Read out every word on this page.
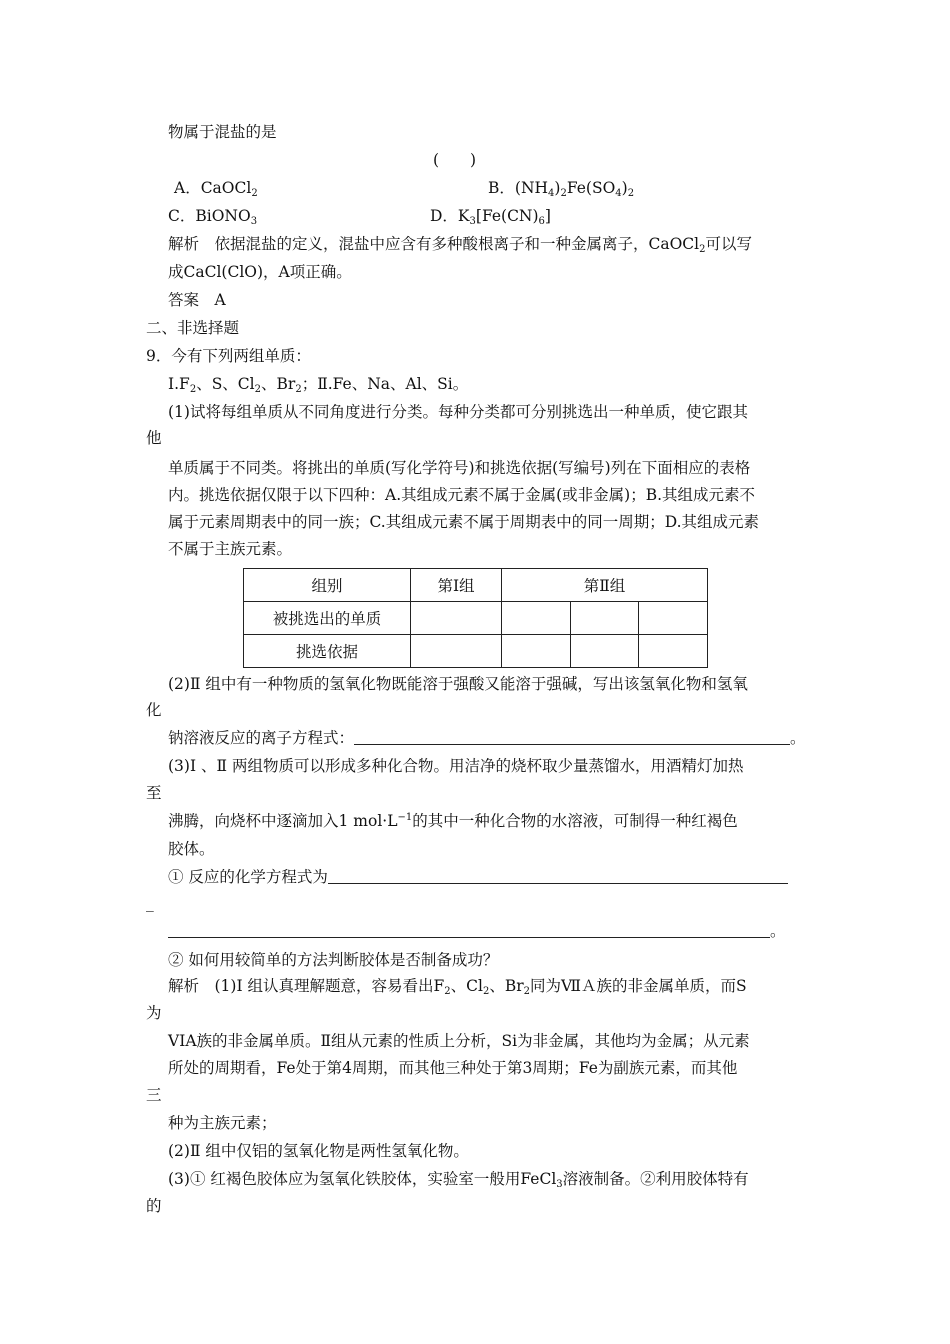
物属于混盐的是
(　　)
A．CaOCl$_2$	B．$(NH_4)_2Fe(SO_4)_2$
C．BiONO$_3$	D．$K_3[Fe(CN)_6]$
解析　依据混盐的定义，混盐中应含有多种酸根离子和一种金属离子，CaOCl$_2$可以写
成CaCl(ClO)，A项正确。
答案　A
二、非选择题
9．今有下列两组单质：
$Ⅰ.F_2$、S、$Cl_2$、$Br_2$；Ⅱ.Fe、Na、Al、Si。
(1)试将每组单质从不同角度进行分类。每种分类都可分别挑选出一种单质，使它跟其
他
单质属于不同类。将挑出的单质(写化学符号)和挑选依据(写编号)列在下面相应的表格
内。挑选依据仅限于以下四种：A.其组成元素不属于金属(或非金属)；B.其组成元素不
属于元素周期表中的同一族；C.其组成元素不属于周期表中的同一周期；D.其组成元素
不属于主族元素。
组别	第Ⅰ组	第Ⅱ组		
被挑选出的单质				
挑选依据				
(2)Ⅱ 组中有一种物质的氢氧化物既能溶于强酸又能溶于强碱，写出该氢氧化物和氢氧
化
钠溶液反应的离子方程式：	。
(3)Ⅰ 、Ⅱ 两组物质可以形成多种化合物。用洁净的烧杯取少量蒸馏水，用酒精灯加热
至
沸腾，向烧杯中逐滴加入1 $mol\cdot L^{-1}$的其中一种化合物的水溶液，可制得一种红褐色
胶体。
① 反应的化学方程式为
_
。
② 如何用较简单的方法判断胶体是否制备成功？
解析　(1)Ⅰ 组认真理解题意，容易看出$F_2$、$Cl_2$、$Br_2$同为ⅦＡ族的非金属单质，而S
为
VIA族的非金属单质。Ⅱ组从元素的性质上分析，Si为非金属，其他均为金属；从元素
所处的周期看，Fe处于第4周期，而其他三种处于第3周期；Fe为副族元素，而其他
三
种为主族元素；
(2)Ⅱ 组中仅铝的氢氧化物是两性氢氧化物。
(3)① 红褐色胶体应为氢氧化铁胶体，实验室一般用FeCl$_3$溶液制备。②利用胶体特有
的
